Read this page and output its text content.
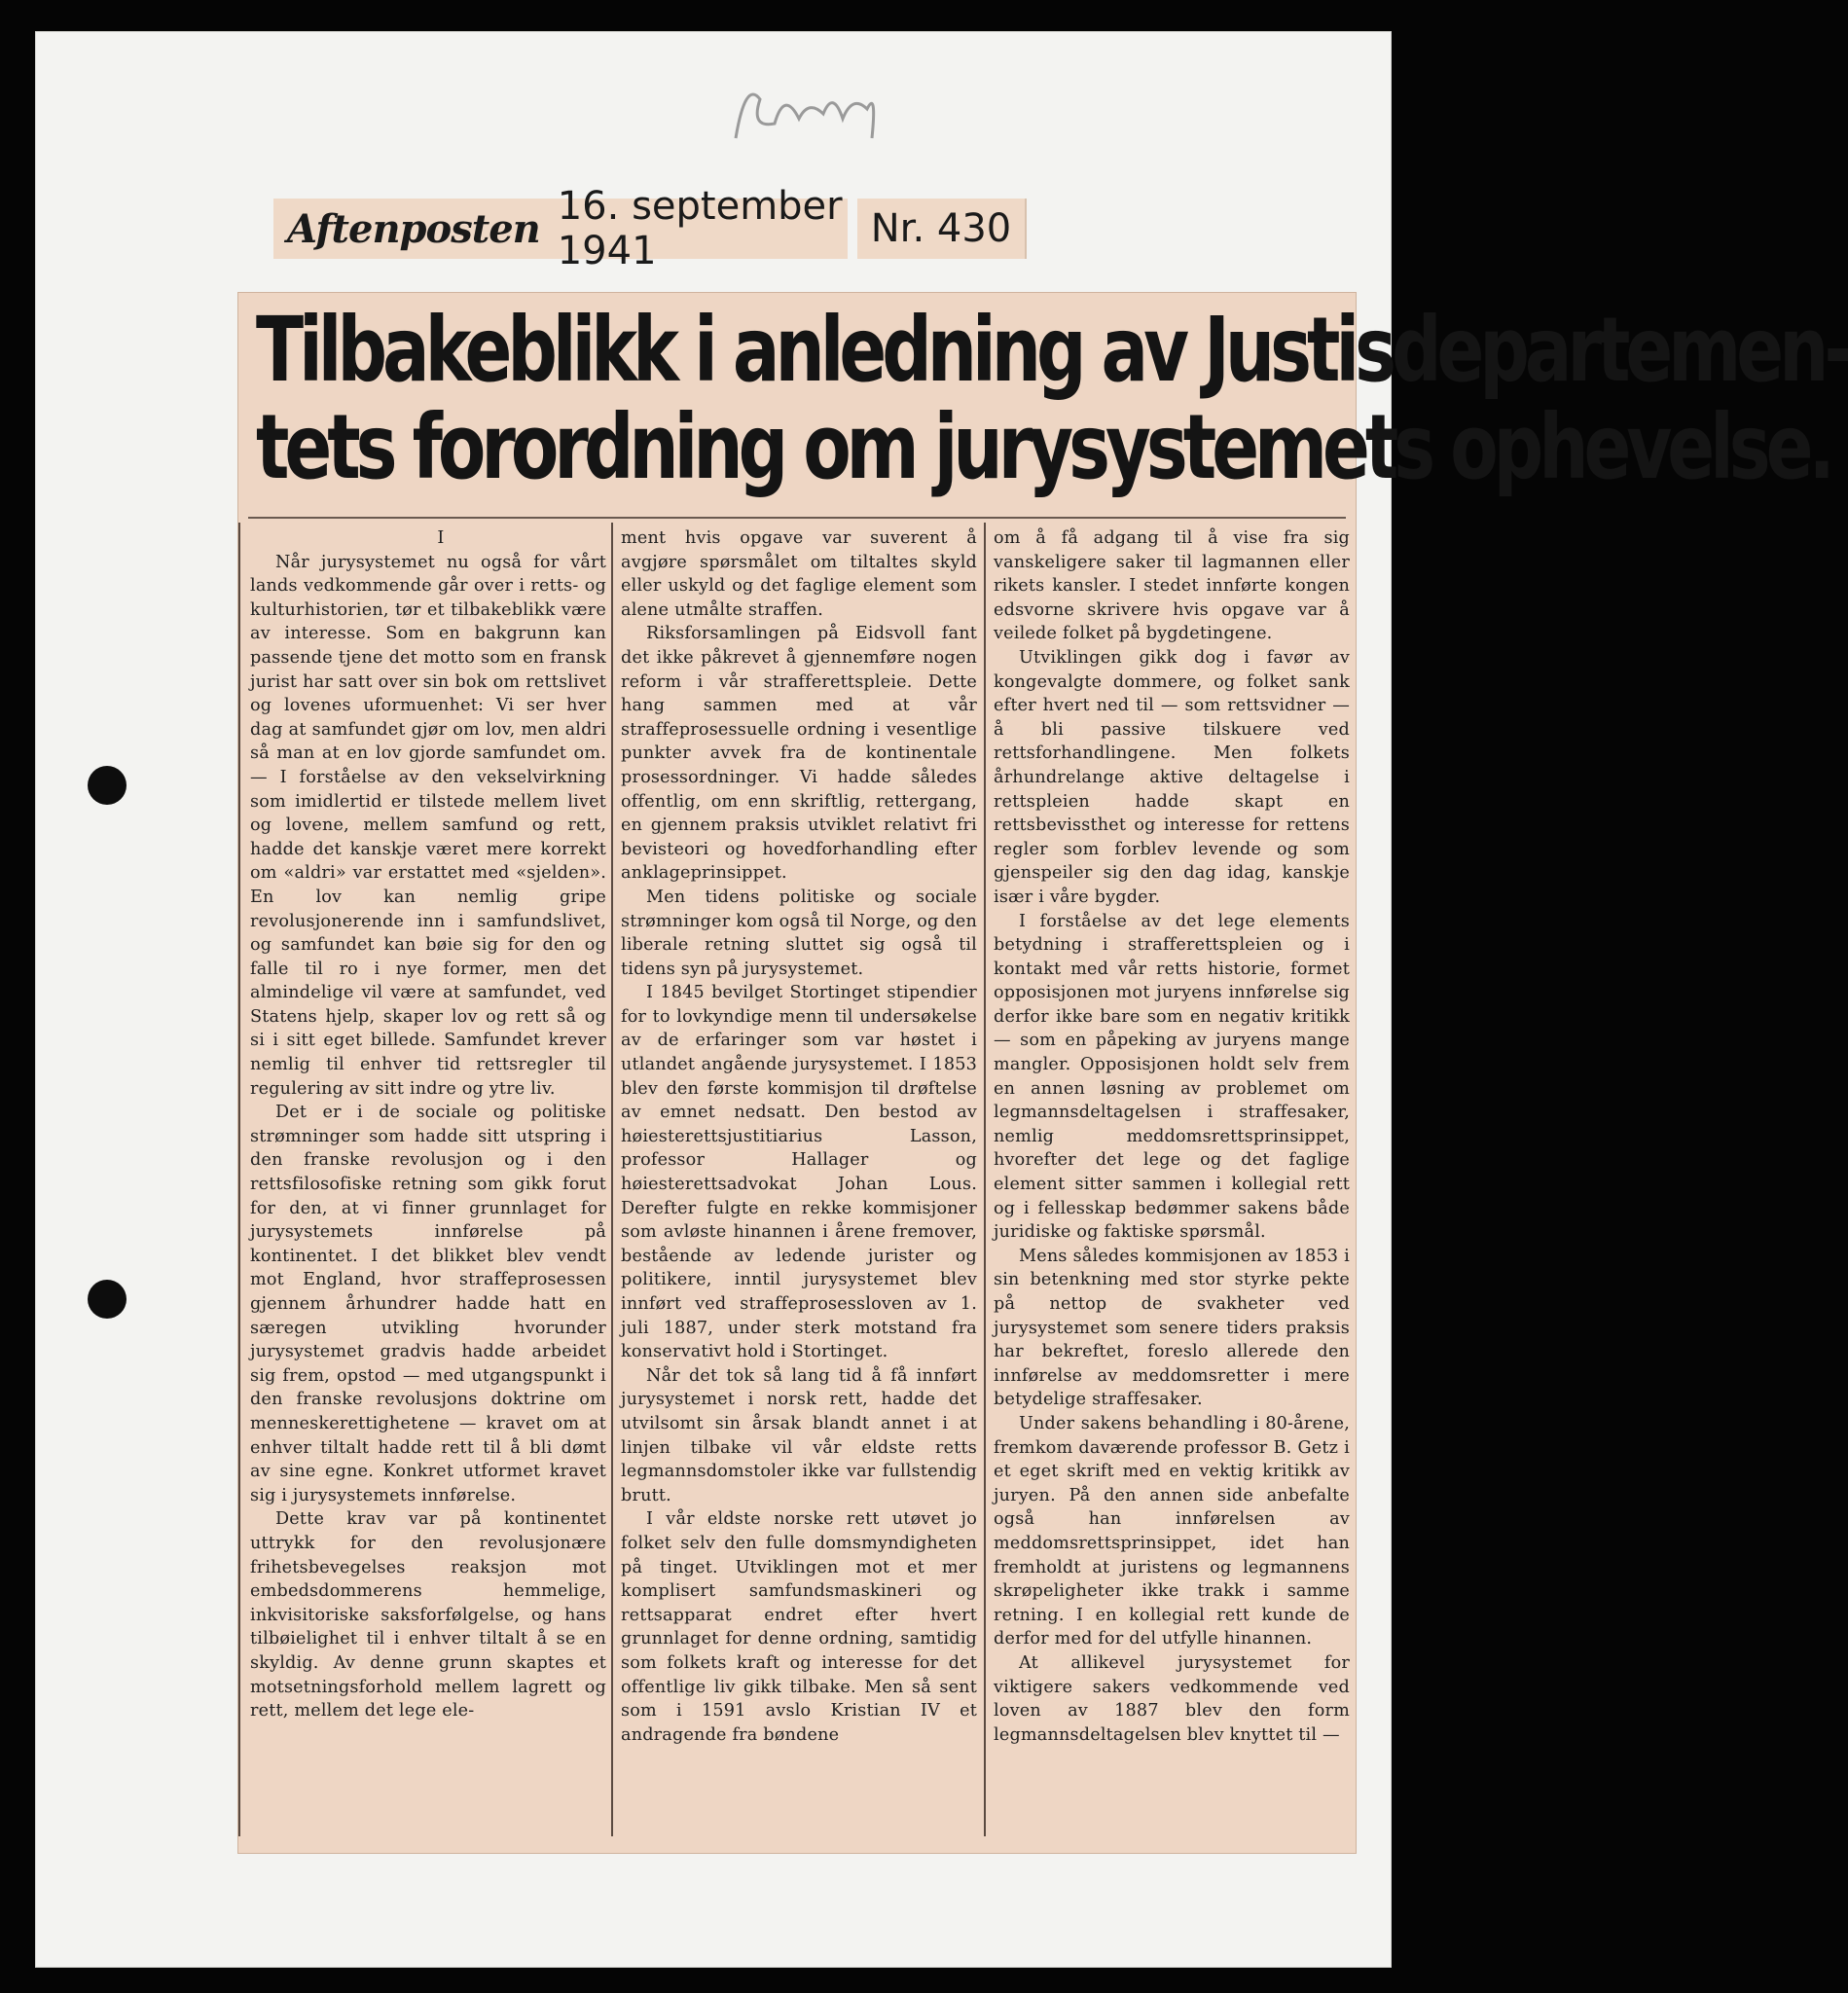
Aftenposten 16. september 1941	Nr. 430
Tilbakeblikk i anledning av Justisdepartemen-
tets forordning om jurysystemets ophevelse.

I

Når jurysystemet nu også for vårt lands vedkommende går over i retts- og kulturhistorien, tør et tilbakeblikk være av interesse. Som en bakgrunn kan passende tjene det motto som en fransk jurist har satt over sin bok om rettslivet og lovenes uformuenhet: Vi ser hver dag at samfundet gjør om lov, men aldri så man at en lov gjorde samfundet om. — I forståelse av den vekselvirkning som imidlertid er tilstede mellem livet og lovene, mellem samfund og rett, hadde det kanskje været mere korrekt om «aldri» var erstattet med «sjelden». En lov kan nemlig gripe revolusjonerende inn i samfundslivet, og samfundet kan bøie sig for den og falle til ro i nye former, men det almindelige vil være at samfundet, ved Statens hjelp, skaper lov og rett så og si i sitt eget billede. Samfundet krever nemlig til enhver tid rettsregler til regulering av sitt indre og ytre liv.

Det er i de sociale og politiske strømninger som hadde sitt utspring i den franske revolusjon og i den rettsfilosofiske retning som gikk forut for den, at vi finner grunnlaget for jurysystemets innførelse på kontinentet. I det blikket blev vendt mot England, hvor straffeprosessen gjennem århundrer hadde hatt en særegen utvikling hvorunder jurysystemet gradvis hadde arbeidet sig frem, opstod — med utgangspunkt i den franske revolusjons doktrine om menneskerettighetene — kravet om at enhver tiltalt hadde rett til å bli dømt av sine egne. Konkret utformet kravet sig i jurysystemets innførelse.

Dette krav var på kontinentet uttrykk for den revolusjonære frihetsbevegelses reaksjon mot embedsdommerens hemmelige, inkvisitoriske saksforfølgelse, og hans tilbøielighet til i enhver tiltalt å se en skyldig. Av denne grunn skaptes et motsetningsforhold mellem lagrett og rett, mellem det lege ele-

ment hvis opgave var suverent å avgjøre spørsmålet om tiltaltes skyld eller uskyld og det faglige element som alene utmålte straffen.

Riksforsamlingen på Eidsvoll fant det ikke påkrevet å gjennemføre nogen reform i vår strafferettspleie. Dette hang sammen med at vår straffeprosessuelle ordning i vesentlige punkter avvek fra de kontinentale prosessordninger. Vi hadde således offentlig, om enn skriftlig, rettergang, en gjennem praksis utviklet relativt fri bevisteori og hovedforhandling efter anklageprinsippet.

Men tidens politiske og sociale strømninger kom også til Norge, og den liberale retning sluttet sig også til tidens syn på jurysystemet.

I 1845 bevilget Stortinget stipendier for to lovkyndige menn til undersøkelse av de erfaringer som var høstet i utlandet angående jurysystemet. I 1853 blev den første kommisjon til drøftelse av emnet nedsatt. Den bestod av høiesterettsjustitiarius Lasson, professor Hallager og høiesterettsadvokat Johan Lous. Derefter fulgte en rekke kommisjoner som avløste hinannen i årene fremover, bestående av ledende jurister og politikere, inntil jurysystemet blev innført ved straffeprosessloven av 1. juli 1887, under sterk motstand fra konservativt hold i Stortinget.

Når det tok så lang tid å få innført jurysystemet i norsk rett, hadde det utvilsomt sin årsak blandt annet i at linjen tilbake vil vår eldste retts legmannsdomstoler ikke var fullstendig brutt.

I vår eldste norske rett utøvet jo folket selv den fulle domsmyndigheten på tinget. Utviklingen mot et mer komplisert samfundsmaskineri og rettsapparat endret efter hvert grunnlaget for denne ordning, samtidig som folkets kraft og interesse for det offentlige liv gikk tilbake. Men så sent som i 1591 avslo Kristian IV et andragende fra bøndene

om å få adgang til å vise fra sig vanskeligere saker til lagmannen eller rikets kansler. I stedet innførte kongen edsvorne skrivere hvis opgave var å veilede folket på bygdetingene.

Utviklingen gikk dog i favør av kongevalgte dommere, og folket sank efter hvert ned til — som rettsvidner — å bli passive tilskuere ved rettsforhandlingene. Men folkets århundrelange aktive deltagelse i rettspleien hadde skapt en rettsbevissthet og interesse for rettens regler som forblev levende og som gjenspeiler sig den dag idag, kanskje især i våre bygder.

I forståelse av det lege elements betydning i strafferettspleien og i kontakt med vår retts historie, formet opposisjonen mot juryens innførelse sig derfor ikke bare som en negativ kritikk — som en påpeking av juryens mange mangler. Opposisjonen holdt selv frem en annen løsning av problemet om legmannsdeltagelsen i straffesaker, nemlig meddomsrettsprinsippet, hvorefter det lege og det faglige element sitter sammen i kollegial rett og i fellesskap bedømmer sakens både juridiske og faktiske spørsmål.

Mens således kommisjonen av 1853 i sin betenkning med stor styrke pekte på nettop de svakheter ved jurysystemet som senere tiders praksis har bekreftet, foreslo allerede den innførelse av meddomsretter i mere betydelige straffesaker.

Under sakens behandling i 80-årene, fremkom daværende professor B. Getz i et eget skrift med en vektig kritikk av juryen. På den annen side anbefalte også han innførelsen av meddomsrettsprinsippet, idet han fremholdt at juristens og legmannens skrøpeligheter ikke trakk i samme retning. I en kollegial rett kunde de derfor med for del utfylle hinannen.

At allikevel jurysystemet for viktigere sakers vedkommende ved loven av 1887 blev den form legmannsdeltagelsen blev knyttet til —
